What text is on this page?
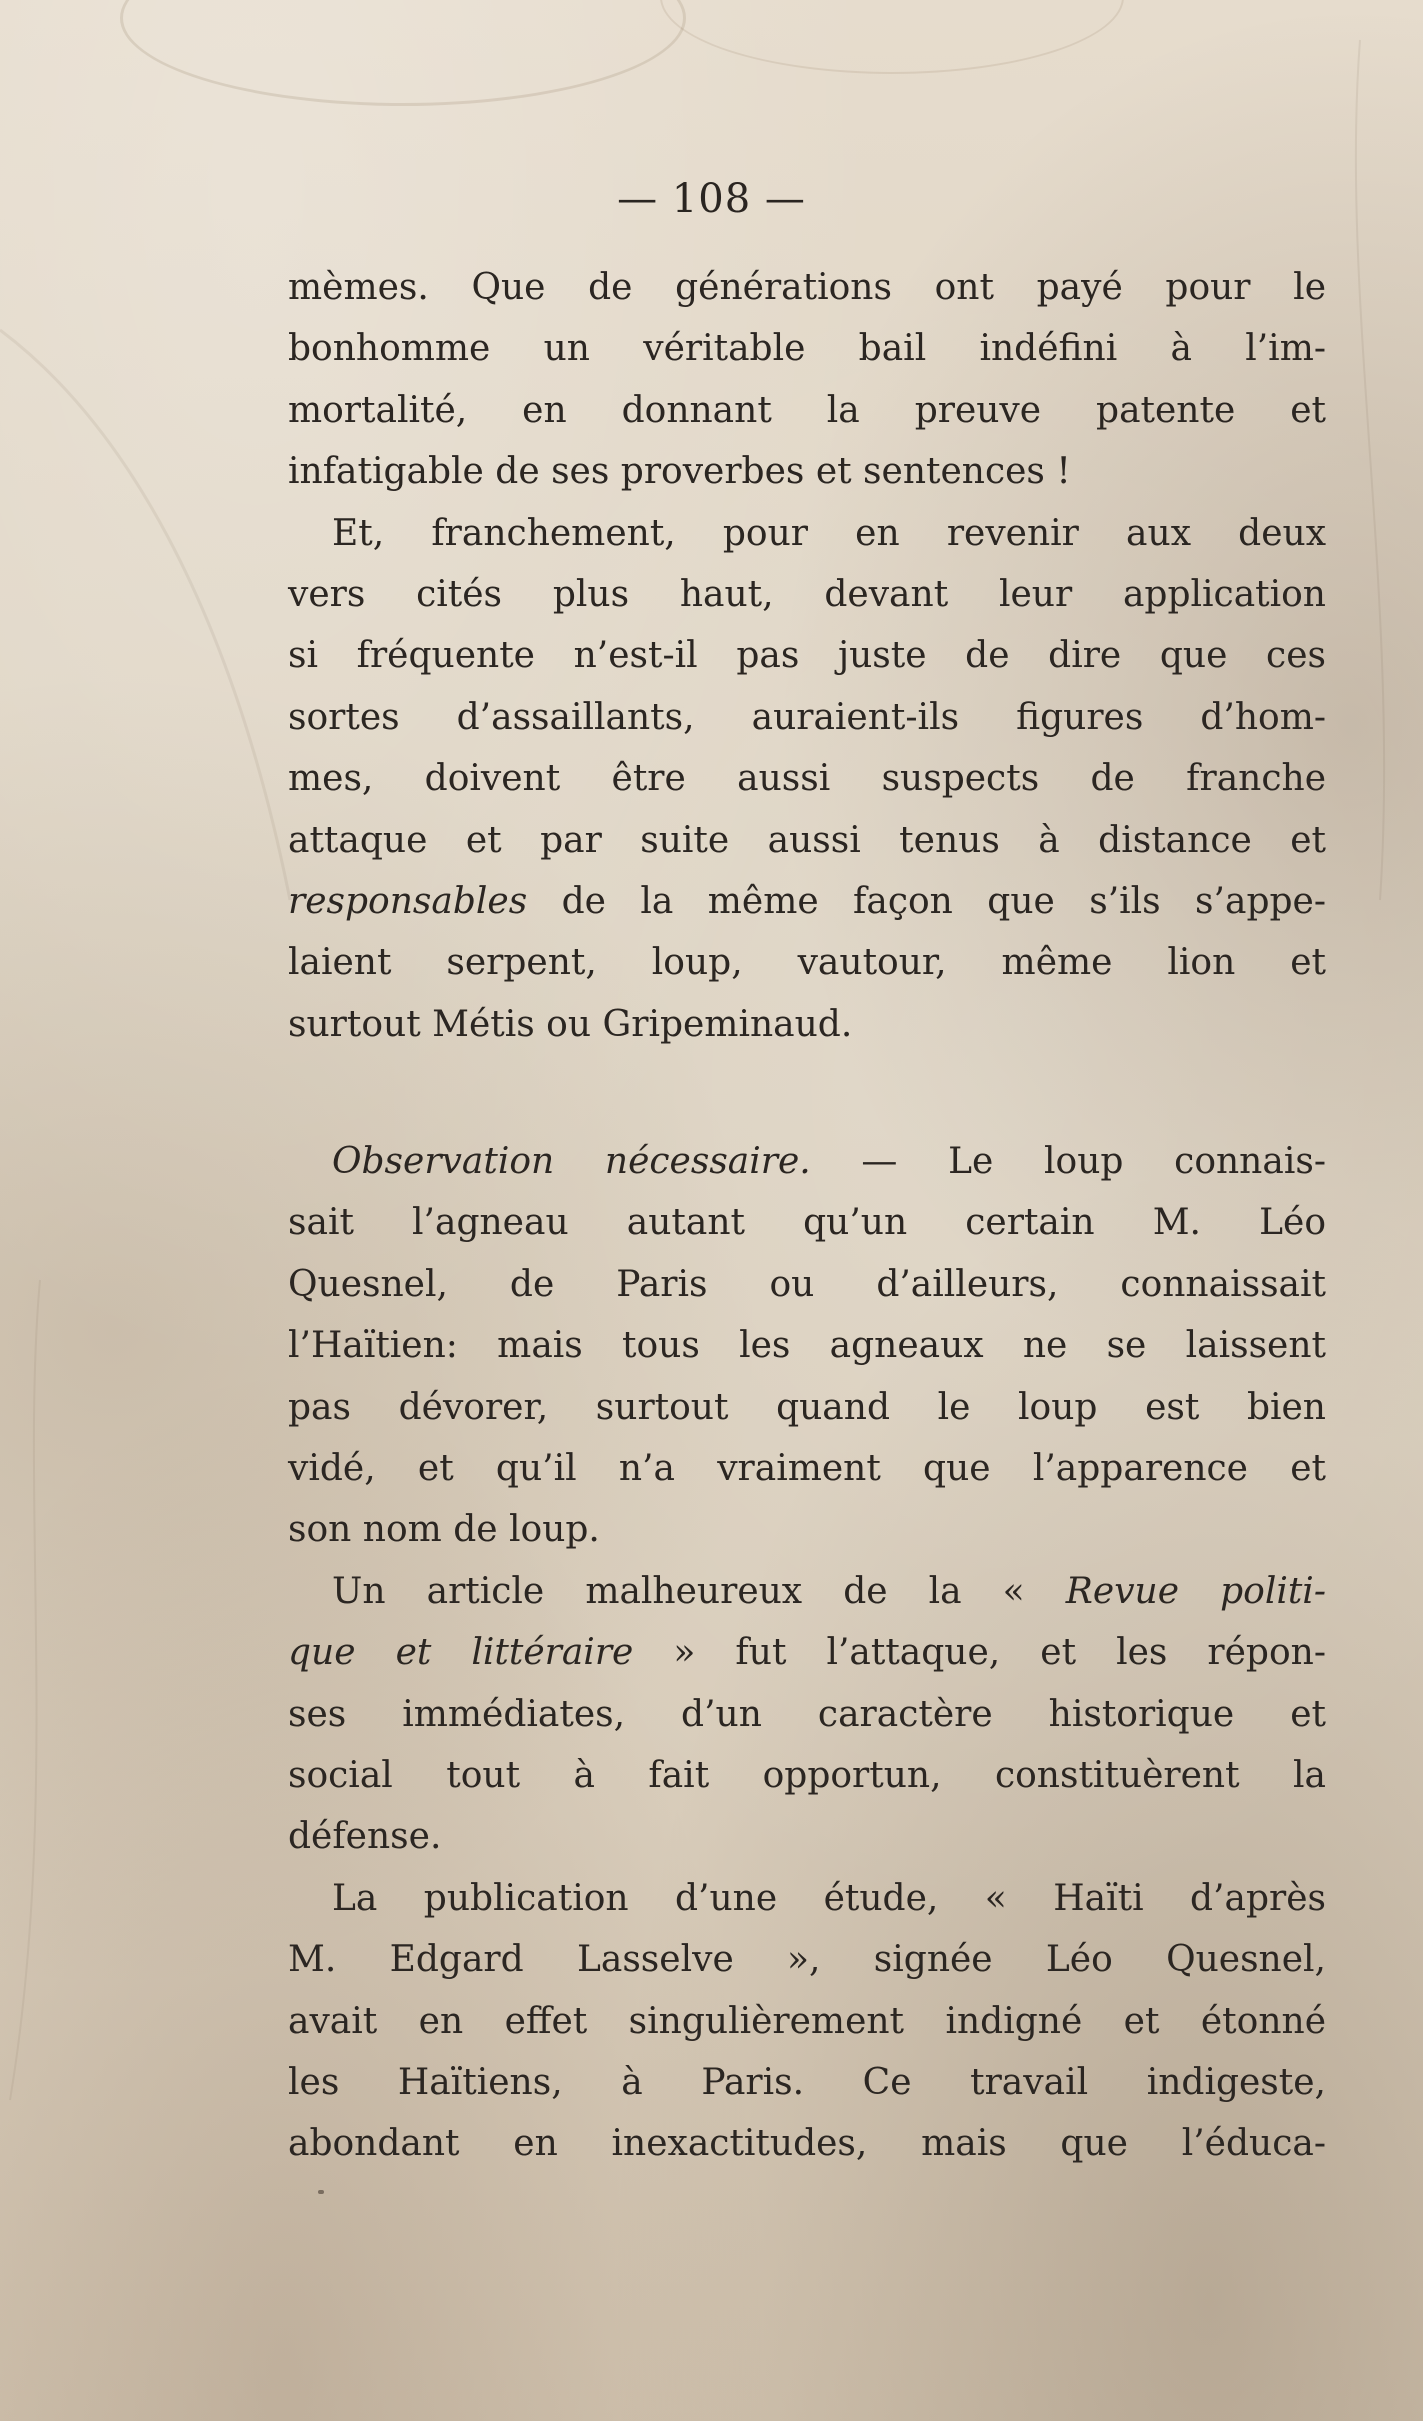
— 108 —
mèmes. Que de générations ont payé pour le
bonhomme un véritable bail indéfini à l’im-
mortalité, en donnant la preuve patente et
infatigable de ses proverbes et sentences !
Et, franchement, pour en revenir aux deux
vers cités plus haut, devant leur application
si fréquente n’est-il pas juste de dire que ces
sortes d’assaillants, auraient-ils figures d’hom-
mes, doivent être aussi suspects de franche
attaque et par suite aussi tenus à distance et
responsables de la même façon que s’ils s’appe-
laient serpent, loup, vautour, même lion et
surtout Métis ou Gripeminaud.
Observation nécessaire. — Le loup connais-
sait l’agneau autant qu’un certain M. Léo
Quesnel, de Paris ou d’ailleurs, connaissait
l’Haïtien: mais tous les agneaux ne se laissent
pas dévorer, surtout quand le loup est bien
vidé, et qu’il n’a vraiment que l’apparence et
son nom de loup.
Un article malheureux de la « Revue politi-
que et littéraire » fut l’attaque, et les répon-
ses immédiates, d’un caractère historique et
social tout à fait opportun, constituèrent la
défense.
La publication d’une étude, « Haïti d’après
M. Edgard Lasselve », signée Léo Quesnel,
avait en effet singulièrement indigné et étonné
les Haïtiens, à Paris. Ce travail indigeste,
abondant en inexactitudes, mais que l’éduca-
